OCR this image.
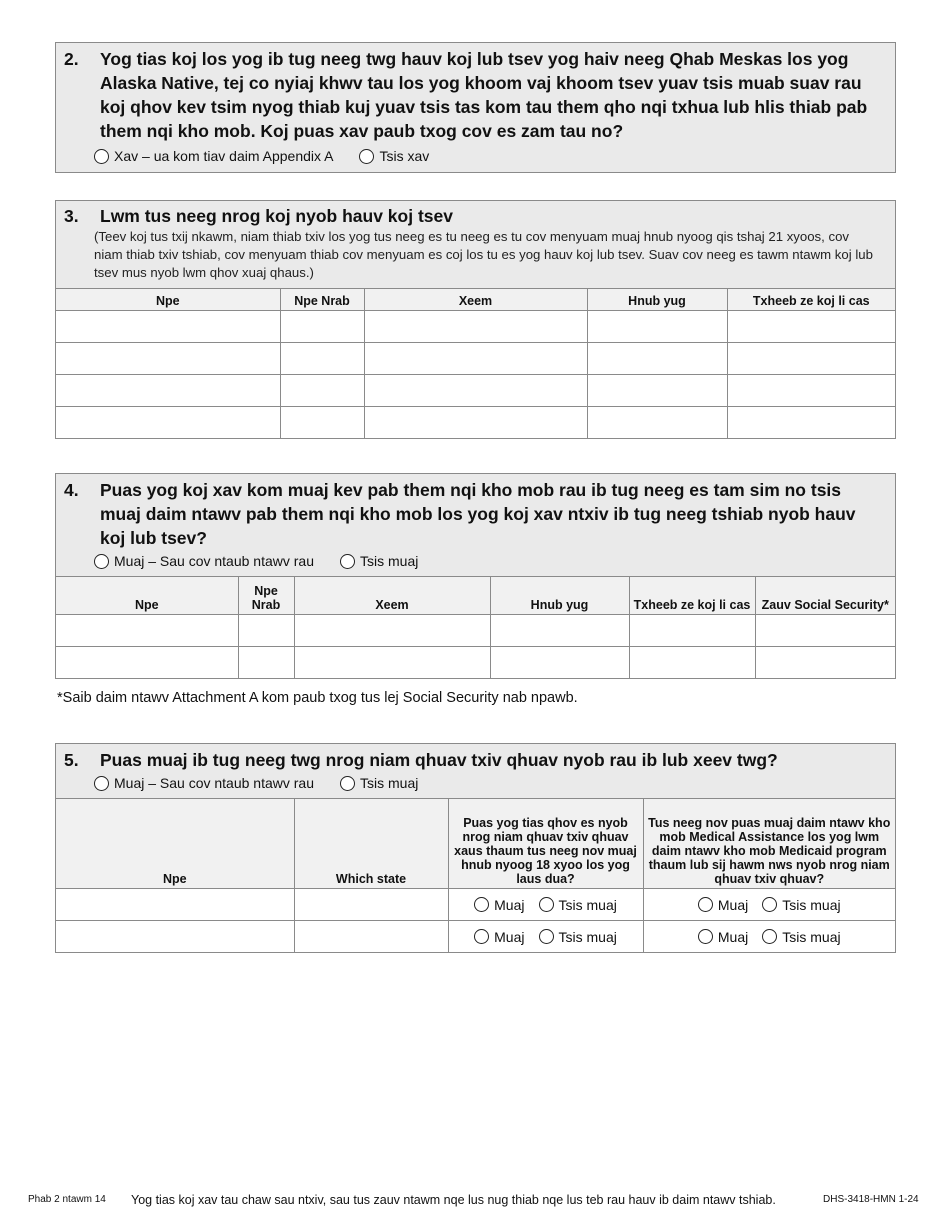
2.	Yog tias koj los yog ib tug neeg twg hauv koj lub tsev yog haiv neeg Qhab Meskas los yog Alaska Native, tej co nyiaj khwv tau los yog khoom vaj khoom tsev yuav tsis muab suav rau koj qhov kev tsim nyog thiab kuj yuav tsis tas kom tau them qho nqi txhua lub hlis thiab pab them nqi kho mob. Koj puas xav paub txog cov es zam tau no?
Xav – ua kom tiav daim Appendix A	Tsis xav
3.	Lwm tus neeg nrog koj nyob hauv koj tsev
(Teev koj tus txij nkawm, niam thiab txiv los yog tus neeg es tu neeg es tu cov menyuam muaj hnub nyoog qis tshaj 21 xyoos, cov niam thiab txiv tshiab, cov menyuam thiab cov menyuam es coj los tu es yog hauv koj lub tsev. Suav cov neeg es tawm ntawm koj lub tsev mus nyob lwm qhov xuaj qhaus.)
Npe	Npe Nrab	Xeem	Hnub yug	Txheeb ze koj li cas

4.	Puas yog koj xav kom muaj kev pab them nqi kho mob rau ib tug neeg es tam sim no tsis muaj daim ntawv pab them nqi kho mob los yog koj xav ntxiv ib tug neeg tshiab nyob hauv koj lub tsev?
Muaj – Sau cov ntaub ntawv rau	Tsis muaj
Npe	Npe Nrab	Xeem	Hnub yug	Txheeb ze koj li cas	Zauv Social Security*

*Saib daim ntawv Attachment A kom paub txog tus lej Social Security nab npawb.
5.	Puas muaj ib tug neeg twg nrog niam qhuav txiv qhuav nyob rau ib lub xeev twg?
Muaj – Sau cov ntaub ntawv rau	Tsis muaj
Npe	Which state	Puas yog tias qhov es nyob nrog niam qhuav txiv qhuav xaus thaum tus neeg nov muaj hnub nyoog 18 xyoo los yog laus dua?	Tus neeg nov puas muaj daim ntawv kho mob Medical Assistance los yog lwm daim ntawv kho mob Medicaid program thaum lub sij hawm nws nyob nrog niam qhuav txiv qhuav?

		Muaj Tsis muaj	Muaj Tsis muaj

		Muaj Tsis muaj	Muaj Tsis muaj
Phab 2 ntawm 14 Yog tias koj xav tau chaw sau ntxiv, sau tus zauv ntawm nqe lus nug thiab nqe lus teb rau hauv ib daim ntawv tshiab.	DHS-3418-HMN 1-24
